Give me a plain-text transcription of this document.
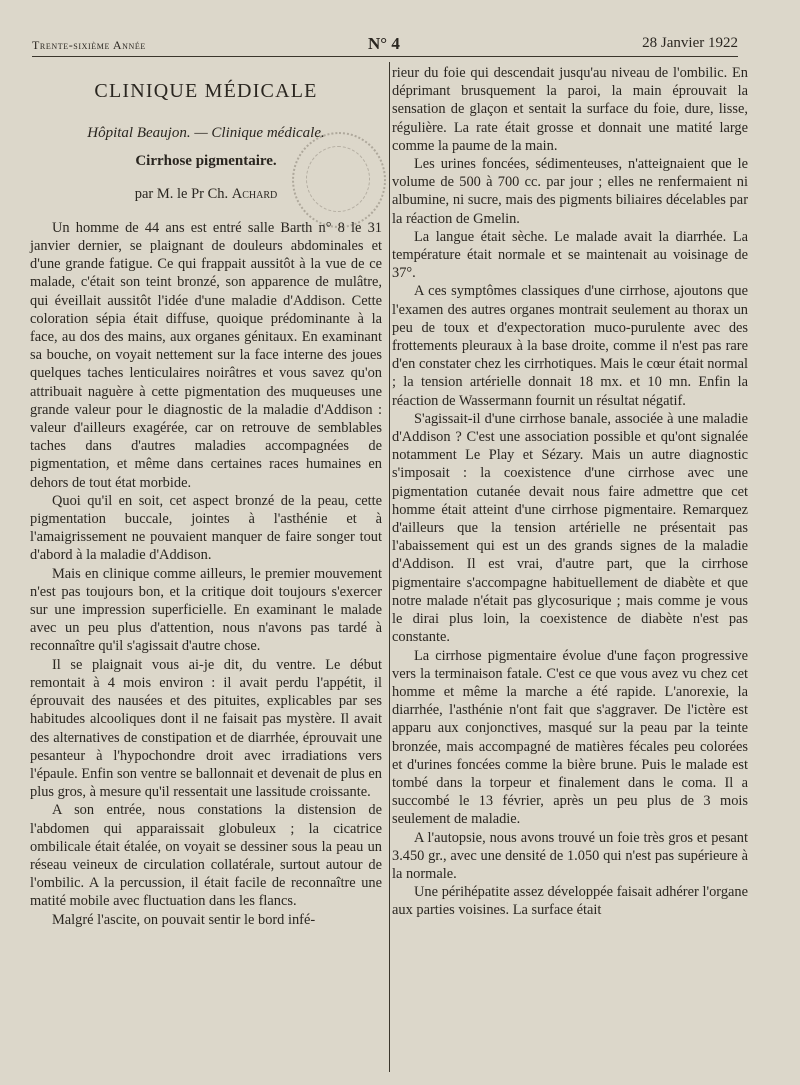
Trente-sixième Année	N° 4	28 Janvier 1922
CLINIQUE MÉDICALE
Hôpital Beaujon. — Clinique médicale.
Cirrhose pigmentaire.
par M. le Pr Ch. Achard

Un homme de 44 ans est entré salle Barth n° 8 le 31 janvier dernier, se plaignant de douleurs abdominales et d'une grande fatigue. Ce qui frappait aussitôt à la vue de ce malade, c'était son teint bronzé, son apparence de mulâtre, qui éveillait aussitôt l'idée d'une maladie d'Addison. Cette coloration sépia était diffuse, quoique prédominante à la face, au dos des mains, aux organes génitaux. En examinant sa bouche, on voyait nettement sur la face interne des joues quelques taches lenticulaires noirâtres et vous savez qu'on attribuait naguère à cette pigmentation des muqueuses une grande valeur pour le diagnostic de la maladie d'Addison : valeur d'ailleurs exagérée, car on retrouve de semblables taches dans d'autres maladies accompagnées de pigmentation, et même dans certaines races humaines en dehors de tout état morbide.

Quoi qu'il en soit, cet aspect bronzé de la peau, cette pigmentation buccale, jointes à l'asthénie et à l'amaigrissement ne pouvaient manquer de faire songer tout d'abord à la maladie d'Addison.

Mais en clinique comme ailleurs, le premier mouvement n'est pas toujours bon, et la critique doit toujours s'exercer sur une impression superficielle. En examinant le malade avec un peu plus d'attention, nous n'avons pas tardé à reconnaître qu'il s'agissait d'autre chose.

Il se plaignait vous ai-je dit, du ventre. Le début remontait à 4 mois environ : il avait perdu l'appétit, il éprouvait des nausées et des pituites, explicables par ses habitudes alcooliques dont il ne faisait pas mystère. Il avait des alternatives de constipation et de diarrhée, éprouvait une pesanteur à l'hypochondre droit avec irradiations vers l'épaule. Enfin son ventre se ballonnait et devenait de plus en plus gros, à mesure qu'il ressentait une lassitude croissante.

A son entrée, nous constations la distension de l'abdomen qui apparaissait globuleux ; la cicatrice ombilicale était étalée, on voyait se dessiner sous la peau un réseau veineux de circulation collatérale, surtout autour de l'ombilic. A la percussion, il était facile de reconnaître une matité mobile avec fluctuation dans les flancs.

Malgré l'ascite, on pouvait sentir le bord infé-

rieur du foie qui descendait jusqu'au niveau de l'ombilic. En déprimant brusquement la paroi, la main éprouvait la sensation de glaçon et sentait la surface du foie, dure, lisse, régulière. La rate était grosse et donnait une matité large comme la paume de la main.

Les urines foncées, sédimenteuses, n'atteignaient que le volume de 500 à 700 cc. par jour ; elles ne renfermaient ni albumine, ni sucre, mais des pigments biliaires décelables par la réaction de Gmelin.

La langue était sèche. Le malade avait la diarrhée. La température était normale et se maintenait au voisinage de 37°.

A ces symptômes classiques d'une cirrhose, ajoutons que l'examen des autres organes montrait seulement au thorax un peu de toux et d'expectoration muco-purulente avec des frottements pleuraux à la base droite, comme il n'est pas rare d'en constater chez les cirrhotiques. Mais le cœur était normal ; la tension artérielle donnait 18 mx. et 10 mn. Enfin la réaction de Wassermann fournit un résultat négatif.

S'agissait-il d'une cirrhose banale, associée à une maladie d'Addison ? C'est une association possible et qu'ont signalée notamment Le Play et Sézary. Mais un autre diagnostic s'imposait : la coexistence d'une cirrhose avec une pigmentation cutanée devait nous faire admettre que cet homme était atteint d'une cirrhose pigmentaire. Remarquez d'ailleurs que la tension artérielle ne présentait pas l'abaissement qui est un des grands signes de la maladie d'Addison. Il est vrai, d'autre part, que la cirrhose pigmentaire s'accompagne habituellement de diabète et que notre malade n'était pas glycosurique ; mais comme je vous le dirai plus loin, la coexistence de diabète n'est pas constante.

La cirrhose pigmentaire évolue d'une façon progressive vers la terminaison fatale. C'est ce que vous avez vu chez cet homme et même la marche a été rapide. L'anorexie, la diarrhée, l'asthénie n'ont fait que s'aggraver. De l'ictère est apparu aux conjonctives, masqué sur la peau par la teinte bronzée, mais accompagné de matières fécales peu colorées et d'urines foncées comme la bière brune. Puis le malade est tombé dans la torpeur et finalement dans le coma. Il a succombé le 13 février, après un peu plus de 3 mois seulement de maladie.

A l'autopsie, nous avons trouvé un foie très gros et pesant 3.450 gr., avec une densité de 1.050 qui n'est pas supérieure à la normale.

Une périhépatite assez développée faisait adhérer l'organe aux parties voisines. La surface était
